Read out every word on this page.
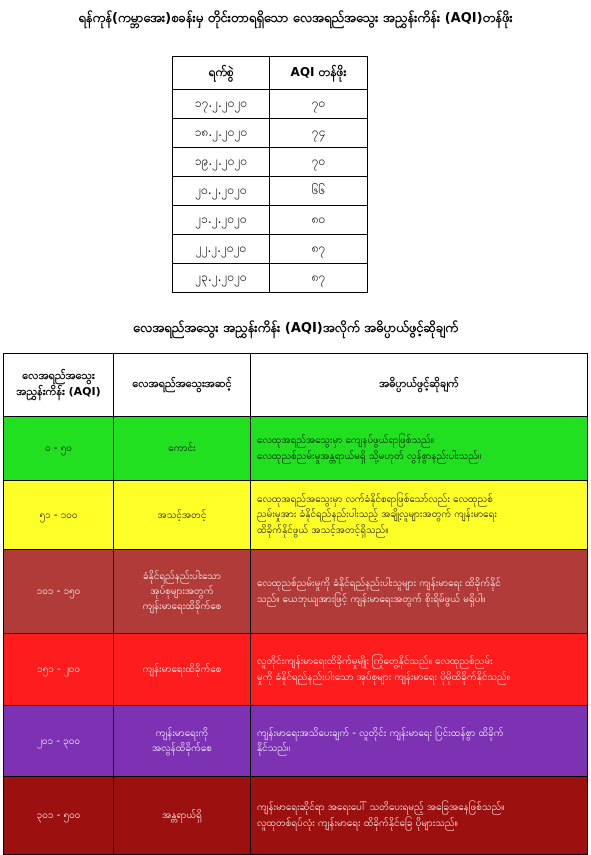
ရန်ကုန်(ကမ္ဘာအေး)စခန်းမှ တိုင်းတာရရှိသော လေအရည်အသွေး အညွှန်းကိန်း (AQI)တန်ဖိုး
ရက်စွဲ	AQI တန်ဖိုး
၁၇.၂.၂၀၂၀	၇၀
၁၈.၂.၂၀၂၀	၇၄
၁၉.၂.၂၀၂၀	၇၀
၂၀.၂.၂၀၂၀	၆၆
၂၁.၂.၂၀၂၀	၈၀
၂၂.၂.၂၀၂၀	၈၇
၂၃.၂.၂၀၂၀	၈၇
လေအရည်အသွေး အညွှန်းကိန်း (AQI)အလိုက် အဓိပ္ပာယ်ဖွင့်ဆိုချက်
လေအရည်အသွေး
အညွှန်းကိန်း (AQI)	လေအရည်အသွေးအဆင့်	အဓိပ္ပာယ်ဖွင့်ဆိုချက်
၀ - ၅၀	ကောင်း	လေထုအရည်အသွေးမှာ ကျေနပ်ဖွယ်ရာဖြစ်သည်။
လေထုညစ်ညမ်းမှုအန္တရာယ်မရှိ သို့မဟုတ် လွန်စွာနည်းပါးသည်။
၅၁ - ၁၀၀	အသင့်အတင့်	လေထုအရည်အသွေးမှာ လက်ခံနိုင်စရာဖြစ်သော်လည်း လေထုညစ်
ညမ်းမှုအား ခံနိုင်ရည်နည်းပါးသည့် အချို့လူများအတွက် ကျန်းမာရေး
ထိခိုက်နိုင်ဖွယ် အသင့်အတင့်ရှိသည်။
၁၀၁ - ၁၅၀	ခံနိုင်ရည်နည်းပါးသော
အုပ်စုများအတွက်
ကျန်းမာရေးထိခိုက်စေ	လေထုညစ်ညမ်းမှုကို ခံနိုင်ရည်နည်းပါးသူများ ကျန်းမာရေး ထိခိုက်နိုင်
သည်။ ယေဘုယျအားဖြင့် ကျန်းမာရေးအတွက် စိုးရိမ်ဖွယ် မရှိပါ။
၁၅၁ - ၂၀၀	ကျန်းမာရေးထိခိုက်စေ	လူတိုင်းကျန်းမာရေးထိခိုက်မှုမျိုး ကြုံတွေ့နိုင်သည်။ လေထုညစ်ညမ်း
မှုကို ခံနိုင်ရည်နည်းပါးသော အုပ်စုများ ကျန်းမာရေး ပိုမိုထိခိုက်နိုင်သည်။
၂၀၁ - ၃၀၀	ကျန်းမာရေးကို
အလွန်ထိခိုက်စေ	ကျန်းမာရေးအသိပေးချက် - လူတိုင်း ကျန်းမာရေး ပြင်းထန်စွာ ထိခိုက်
နိုင်သည်။
၃၀၁ - ၅၀၀	အန္တရာယ်ရှိ	ကျန်းမာရေးဆိုင်ရာ အရေးပေါ် သတိပေးရမည့် အခြေအနေဖြစ်သည်။
လူထုတစ်ရပ်လုံး ကျန်းမာရေး ထိခိုက်နိုင်ခြေ ပိုများသည်။
